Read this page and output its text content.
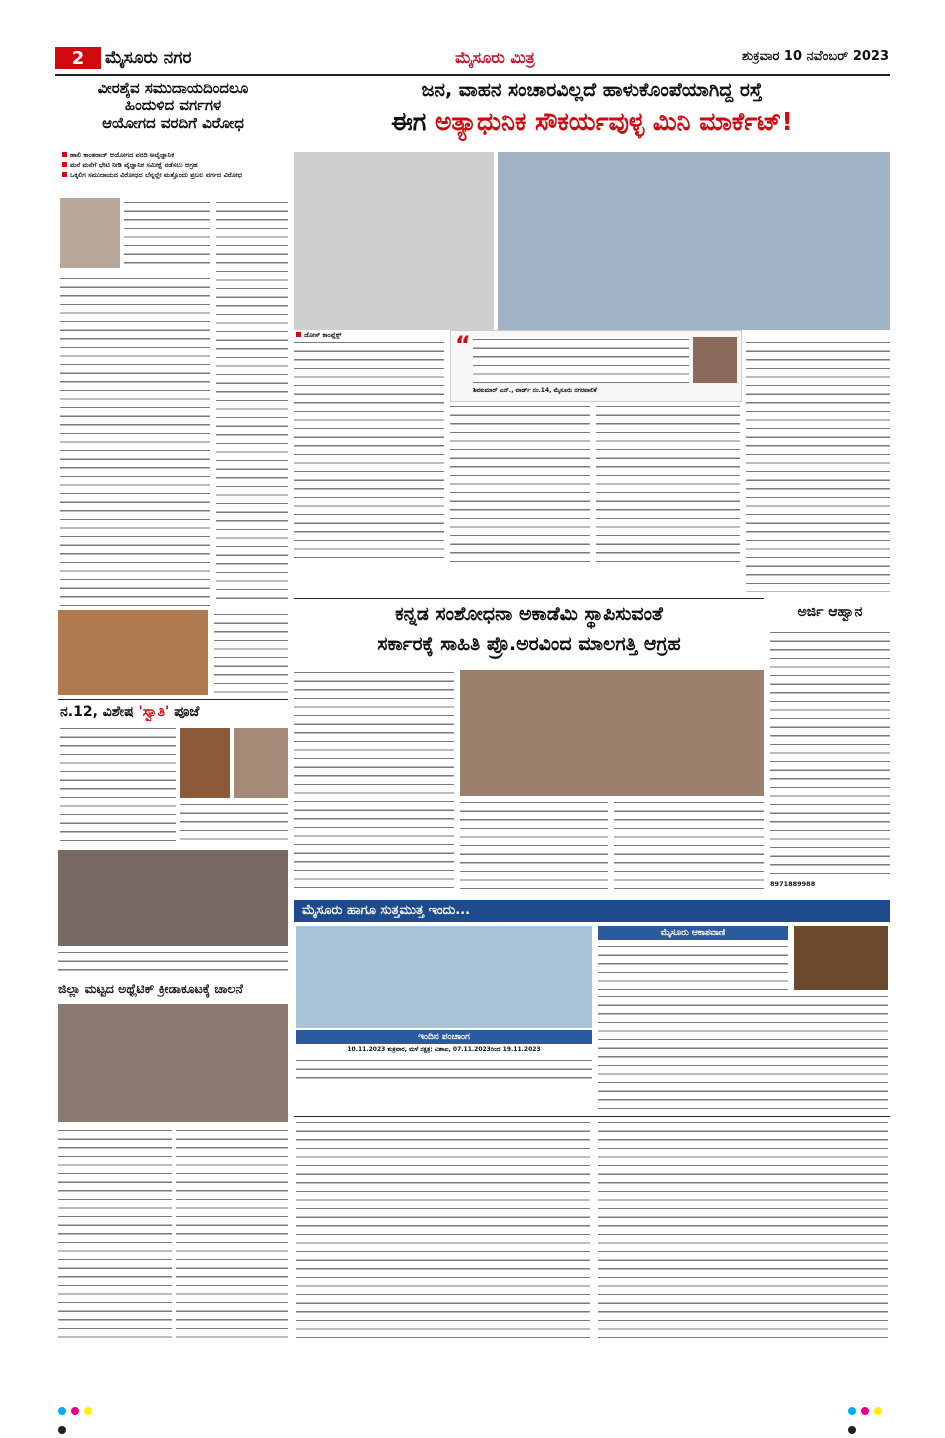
2 ಮೈಸೂರು ನಗರ	ಮೈಸೂರು ಮಿತ್ರ	ಶುಕ್ರವಾರ 10 ನವೆಂಬರ್ 2023
ವೀರಶೈವ ಸಮುದಾಯದಿಂದಲೂ
ಹಿಂದುಳಿದ ವರ್ಗಗಳ
ಆಯೋಗದ ವರದಿಗೆ ವಿರೋಧ
ಹಾಲಿ ಕಾಂತರಾಜ್ ಆಯೋಗದ ವರದಿ ಅವೈಜ್ಞಾನಿಕ
ಮನೆ ಮನೆಗೆ ಭೇಟಿ ನೀಡಿ ವೈಜ್ಞಾನಿಕ ಸಮೀಕ್ಷೆ ನಡೆಸಲು ಆಗ್ರಹ
ಒಕ್ಕಲಿಗ ಸಮುದಾಯದ ವಿರೋಧದ ಬೆನ್ನಲ್ಲೇ ಮತ್ತೊಂದು ಪ್ರಬಲ ವರ್ಗದ ವಿರೋಧ
ನ.12, ವಿಶೇಷ 'ಸ್ವಾತಿ' ಪೂಜೆ
ಜಿಲ್ಲಾ ಮಟ್ಟದ ಅಥ್ಲೆಟಿಕ್ ಕ್ರೀಡಾಕೂಟಕ್ಕೆ ಚಾಲನೆ
ಜನ, ವಾಹನ ಸಂಚಾರವಿಲ್ಲದೆ ಹಾಳುಕೊಂಪೆಯಾಗಿದ್ದ ರಸ್ತೆ
ಈಗ ಅತ್ಯಾಧುನಿಕ ಸೌಕರ್ಯವುಳ್ಳ ಮಿನಿ ಮಾರ್ಕೆಟ್!
ಜೋಸ್ ಕಾಂಪ್ಲೆಕ್ಸ್	“
ಶಿವಕುಮಾರ್ ಎನ್., ವಾರ್ಡ್ ನಂ.14, ಮೈಸೂರು ನಗರಪಾಲಿಕೆ
ಕನ್ನಡ ಸಂಶೋಧನಾ ಅಕಾಡೆಮಿ ಸ್ಥಾಪಿಸುವಂತೆ
ಸರ್ಕಾರಕ್ಕೆ ಸಾಹಿತಿ ಪ್ರೊ.ಅರವಿಂದ ಮಾಲಗತ್ತಿ ಆಗ್ರಹ
ಅರ್ಜಿ ಆಹ್ವಾನ
8971889988
ಮೈಸೂರು ಹಾಗೂ ಸುತ್ತಮುತ್ತ ಇಂದು...
ಇಂದಿನ ಪಂಚಾಂಗ
10.11.2023 ಶುಕ್ರವಾರ, ಮಳೆ ನಕ್ಷತ್ರ: ವಿಶಾಖ, 07.11.2023ರಿಂದ 19.11.2023
ಮೈಸೂರು ಆಕಾಶವಾಣಿ
